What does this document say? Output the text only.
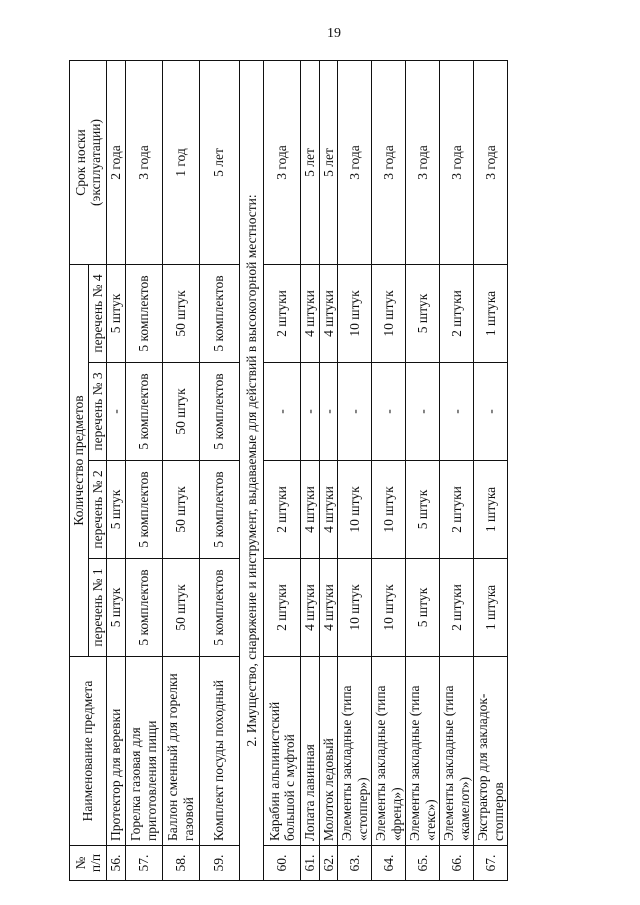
19
№
п/п	Наименование предмета	Количество предметов				Срок носки
(эксплуатации)
		перечень № 1	перечень № 2	перечень № 3	перечень № 4	
56.	Протектор для веревки	5 штук	5 штук	-	5 штук	2 года
57.	Горелка газовая для приготовления пищи	5 комплектов	5 комплектов	5 комплектов	5 комплектов	3 года
58.	Баллон сменный для горелки газовой	50 штук	50 штук	50 штук	50 штук	1 год
59.	Комплект посуды походный	5 комплектов	5 комплектов	5 комплектов	5 комплектов	5 лет
2. Имущество, снаряжение и инструмент, выдаваемые для действий в высокогорной местности:						
60.	Карабин альпинистский большой с муфтой	2 штуки	2 штуки	-	2 штуки	3 года
61.	Лопата лавинная	4 штуки	4 штуки	-	4 штуки	5 лет
62.	Молоток ледовый	4 штуки	4 штуки	-	4 штуки	5 лет
63.	Элементы закладные (типа «стоппер»)	10 штук	10 штук	-	10 штук	3 года
64.	Элементы закладные (типа «френд»)	10 штук	10 штук	-	10 штук	3 года
65.	Элементы закладные (типа «гекс»)	5 штук	5 штук	-	5 штук	3 года
66.	Элементы закладные (типа «камелот»)	2 штуки	2 штуки	-	2 штуки	3 года
67.	Экстрактор для закладок-стопперов	1 штука	1 штука	-	1 штука	3 года
